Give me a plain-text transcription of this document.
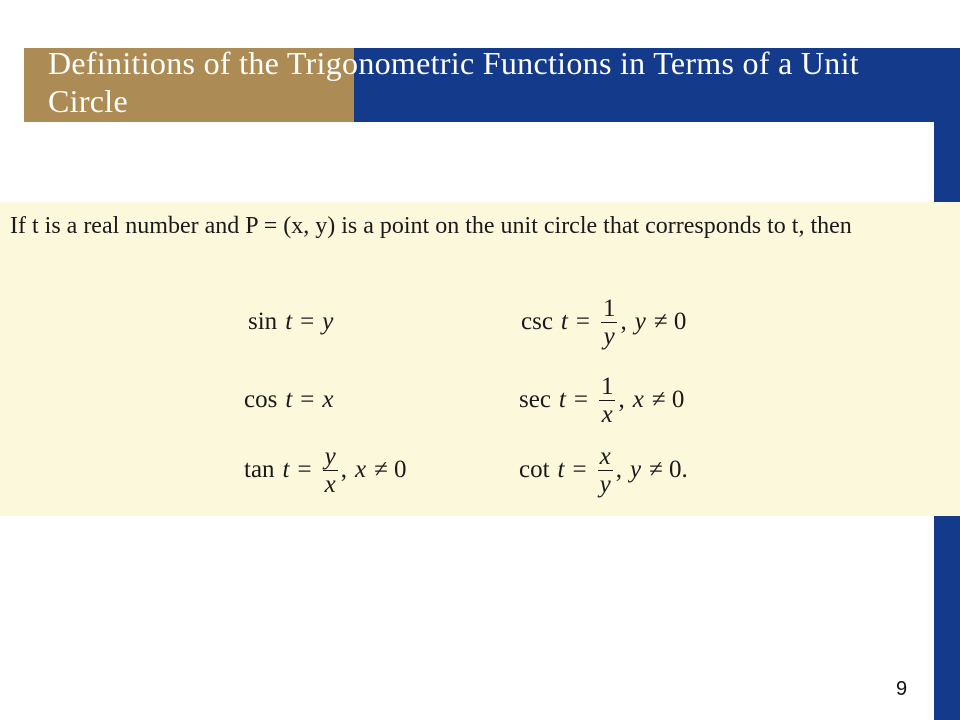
Definitions of the Trigonometric Functions in Terms of a Unit Circle

If t is a real number and P = (x, y) is a point on the unit circle that corresponds to t, then

sin t = y	$\csc t = \frac{1}{y}$ , y ≠ 0
cos t = x	$\sec t = \frac{1}{x}$ , x ≠ 0
$\tan t = \frac{y}{x}$ , x ≠ 0	$\cot t = \frac{x}{y}$ , y ≠ 0.
9
